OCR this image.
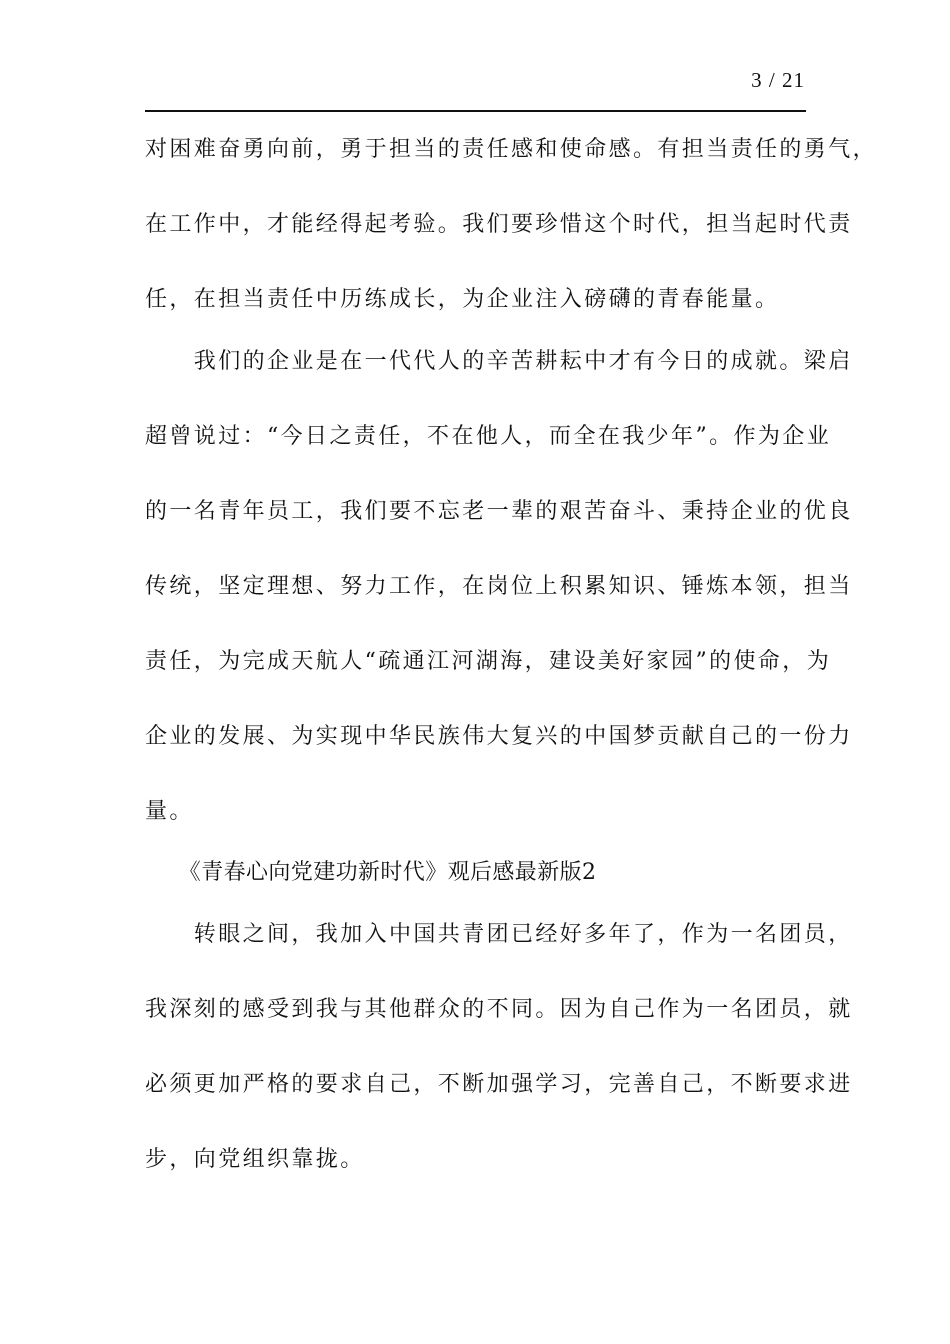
3 / 21
对困难奋勇向前，勇于担当的责任感和使命感。有担当责任的勇气，
在工作中，才能经得起考验。我们要珍惜这个时代，担当起时代责
任，在担当责任中历练成长，为企业注入磅礴的青春能量。
　　我们的企业是在一代代人的辛苦耕耘中才有今日的成就。梁启
超曾说过：“今日之责任，不在他人，而全在我少年”。作为企业
的一名青年员工，我们要不忘老一辈的艰苦奋斗、秉持企业的优良
传统，坚定理想、努力工作，在岗位上积累知识、锤炼本领，担当
责任，为完成天航人“疏通江河湖海，建设美好家园”的使命，为
企业的发展、为实现中华民族伟大复兴的中国梦贡献自己的一份力
量。
　　《青春心向党建功新时代》观后感最新版2
　　转眼之间，我加入中国共青团已经好多年了，作为一名团员，
我深刻的感受到我与其他群众的不同。因为自己作为一名团员，就
必须更加严格的要求自己，不断加强学习，完善自己，不断要求进
步，向党组织靠拢。
